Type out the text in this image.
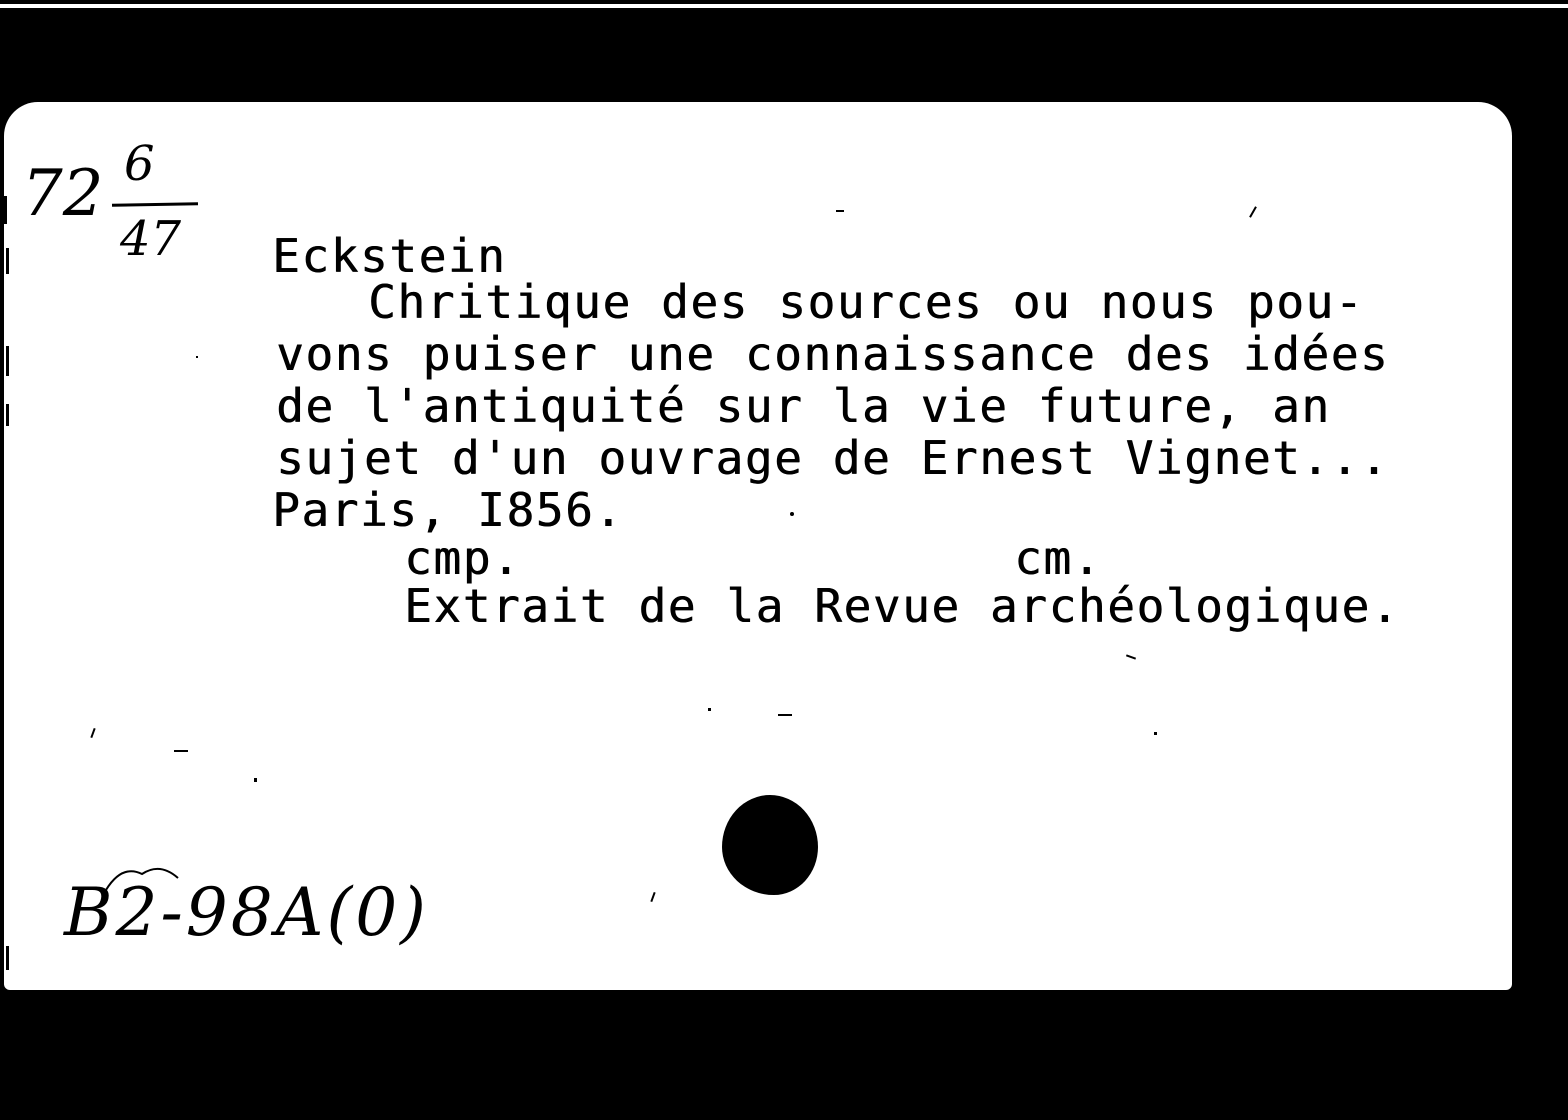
72 6
47 Eckstein
Chritique des sources ou nous pou-
vons puiser une connaissance des idées
de l'antiquité sur la vie future, an
sujet d'un ouvrage de Ernest Vignet...
Paris, I856.
cmp.	cm.
Extrait de la Revue archéologique.
B2-98A(0)
